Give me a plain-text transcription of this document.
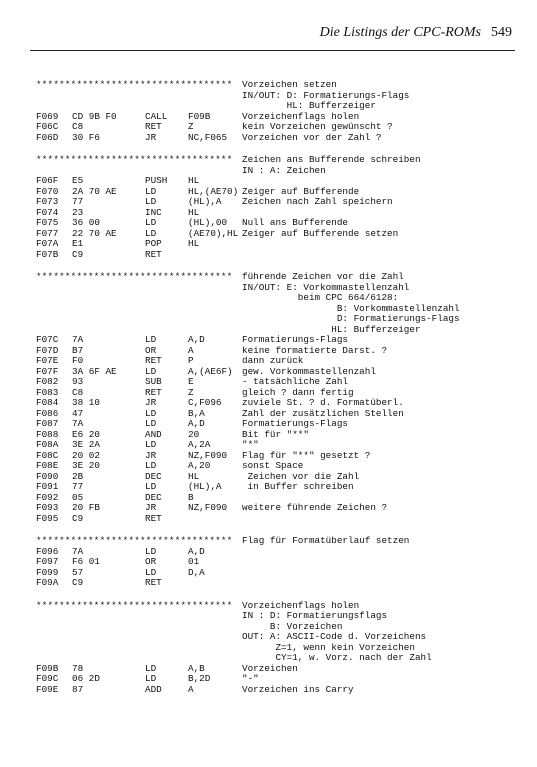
Die Listings der CPC-ROMs 549
********************************** Vorzeichen setzen
IN/OUT: D: Formatierungs-Flags
HL: Bufferzeiger
F069 CD 9B F0	CALL F09B	Vorzeichenflags holen
F06C C8	RET	Z	kein Vorzeichen gewünscht ?
F06D 30 F6	JR	NC,F065 Vorzeichen vor der Zahl ?
********************************** Zeichen ans Bufferende schreiben
IN : A: Zeichen
F06F E5	PUSH HL
F070 2A 70 AE	LD	HL,(AE70) Zeiger auf Bufferende
F073 77	LD	(HL),A Zeichen nach Zahl speichern
F074 23	INC	HL
F075 36 00	LD	(HL),00 Null ans Bufferende
F077 22 70 AE	LD	(AE70),HL Zeiger auf Bufferende setzen
F07A E1	POP	HL
F07B C9	RET
********************************** führende Zeichen vor die Zahl
IN/OUT: E: Vorkommastellenzahl
beim CPC 664/6128:
B: Vorkommastellenzahl
D: Formatierungs-Flags
HL: Bufferzeiger
F07C 7A	LD	A,D	Formatierungs-Flags
F07D B7	OR	A	keine formatierte Darst. ?
F07E F0	RET	P	dann zurück
F07F 3A 6F AE	LD	A,(AE6F) gew. Vorkommastellenzahl
F082 93	SUB	E	- tatsächliche Zahl
F083 C8	RET	Z	gleich ? dann fertig
F084 38 10	JR	C,F096 zuviele St. ? d. Formatüberl.
F086 47	LD	B,A	Zahl der zusätzlichen Stellen
F087 7A	LD	A,D	Formatierungs-Flags
F088 E6 20	AND	20	Bit für "**"
F08A 3E 2A	LD	A,2A	"*"
F08C 20 02	JR	NZ,F090 Flag für "**" gesetzt ?
F08E 3E 20	LD	A,20	sonst Space
F090 2B	DEC	HL	Zeichen vor die Zahl
F091 77	LD	(HL),A in Buffer schreiben
F092 05	DEC	B
F093 20 FB	JR	NZ,F090 weitere führende Zeichen ?
F095 C9	RET
********************************** Flag für Formatüberlauf setzen
F096 7A	LD	A,D
F097 F6 01	OR	01
F099 57	LD	D,A
F09A C9	RET
********************************** Vorzeichenflags holen
IN : D: Formatierungsflags
B: Vorzeichen
OUT: A: ASCII-Code d. Vorzeichens
Z=1, wenn kein Vorzeichen
CY=1, w. Vorz. nach der Zahl
F09B 78	LD	A,B	Vorzeichen
F09C 06 2D	LD	B,2D	"-"
F09E 87	ADD	A	Vorzeichen ins Carry
